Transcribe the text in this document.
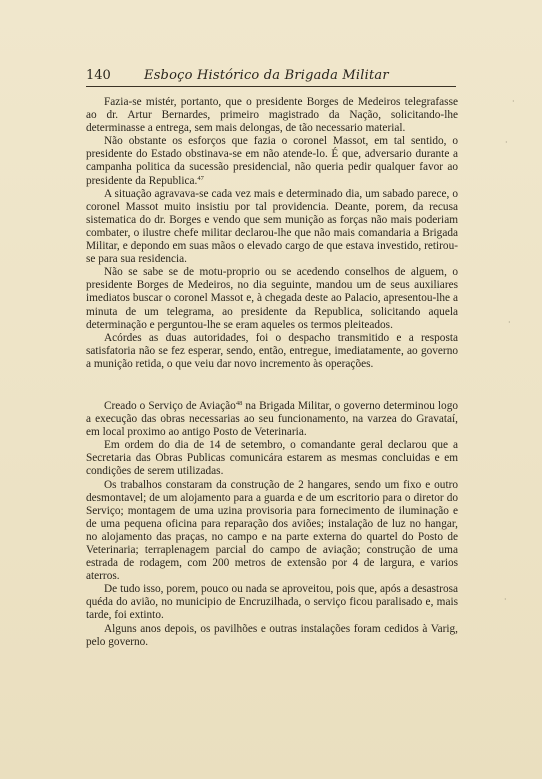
140	Esboço Histórico da Brigada Militar

Fazia-se mistér, portanto, que o presidente Borges de Medeiros telegrafasse ao dr. Artur Bernardes, primeiro magistrado da Nação, solicitando-lhe determinasse a entrega, sem mais delongas, de tão necessario material.

Não obstante os esforços que fazia o coronel Massot, em tal sentido, o presidente do Estado obstinava-se em não atende-lo. É que, adversario durante a campanha politica da sucessão presidencial, não queria pedir qualquer favor ao presidente da Republica.$^{47}$

A situação agravava-se cada vez mais e determinado dia, um sabado parece, o coronel Massot muito insistiu por tal providencia. Deante, porem, da recusa sistematica do dr. Borges e vendo que sem munição as forças não mais poderiam combater, o ilustre chefe militar declarou-lhe que não mais comandaria a Brigada Militar, e depondo em suas mãos o elevado cargo de que estava investido, retirou-se para sua residencia.

Não se sabe se de motu-proprio ou se acedendo conselhos de alguem, o presidente Borges de Medeiros, no dia seguinte, mandou um de seus auxiliares imediatos buscar o coronel Massot e, à chegada deste ao Palacio, apresentou-lhe a minuta de um telegrama, ao presidente da Republica, solicitando aquela determinação e perguntou-lhe se eram aqueles os termos pleiteados.

Acórdes as duas autoridades, foi o despacho transmitido e a resposta satisfatoria não se fez esperar, sendo, então, entregue, imediatamente, ao governo a munição retida, o que veiu dar novo incremento às operações.

Creado o Serviço de Aviação$^{48}$ na Brigada Militar, o governo determinou logo a execução das obras necessarias ao seu funcionamento, na varzea do Gravataí, em local proximo ao antigo Posto de Veterinaria.

Em ordem do dia de 14 de setembro, o comandante geral declarou que a Secretaria das Obras Publicas comunicára estarem as mesmas concluidas e em condições de serem utilizadas.

Os trabalhos constaram da construção de 2 hangares, sendo um fixo e outro desmontavel; de um alojamento para a guarda e de um escritorio para o diretor do Serviço; montagem de uma uzina provisoria para fornecimento de iluminação e de uma pequena oficina para reparação dos aviões; instalação de luz no hangar, no alojamento das praças, no campo e na parte externa do quartel do Posto de Veterinaria; terraplenagem parcial do campo de aviação; construção de uma estrada de rodagem, com 200 metros de extensão por 4 de largura, e varios aterros.

De tudo isso, porem, pouco ou nada se aproveitou, pois que, após a desastrosa quéda do avião, no municipio de Encruzilhada, o serviço ficou paralisado e, mais tarde, foi extinto.

Alguns anos depois, os pavilhões e outras instalações foram cedidos à Varig, pelo governo.

·
·
·
·
